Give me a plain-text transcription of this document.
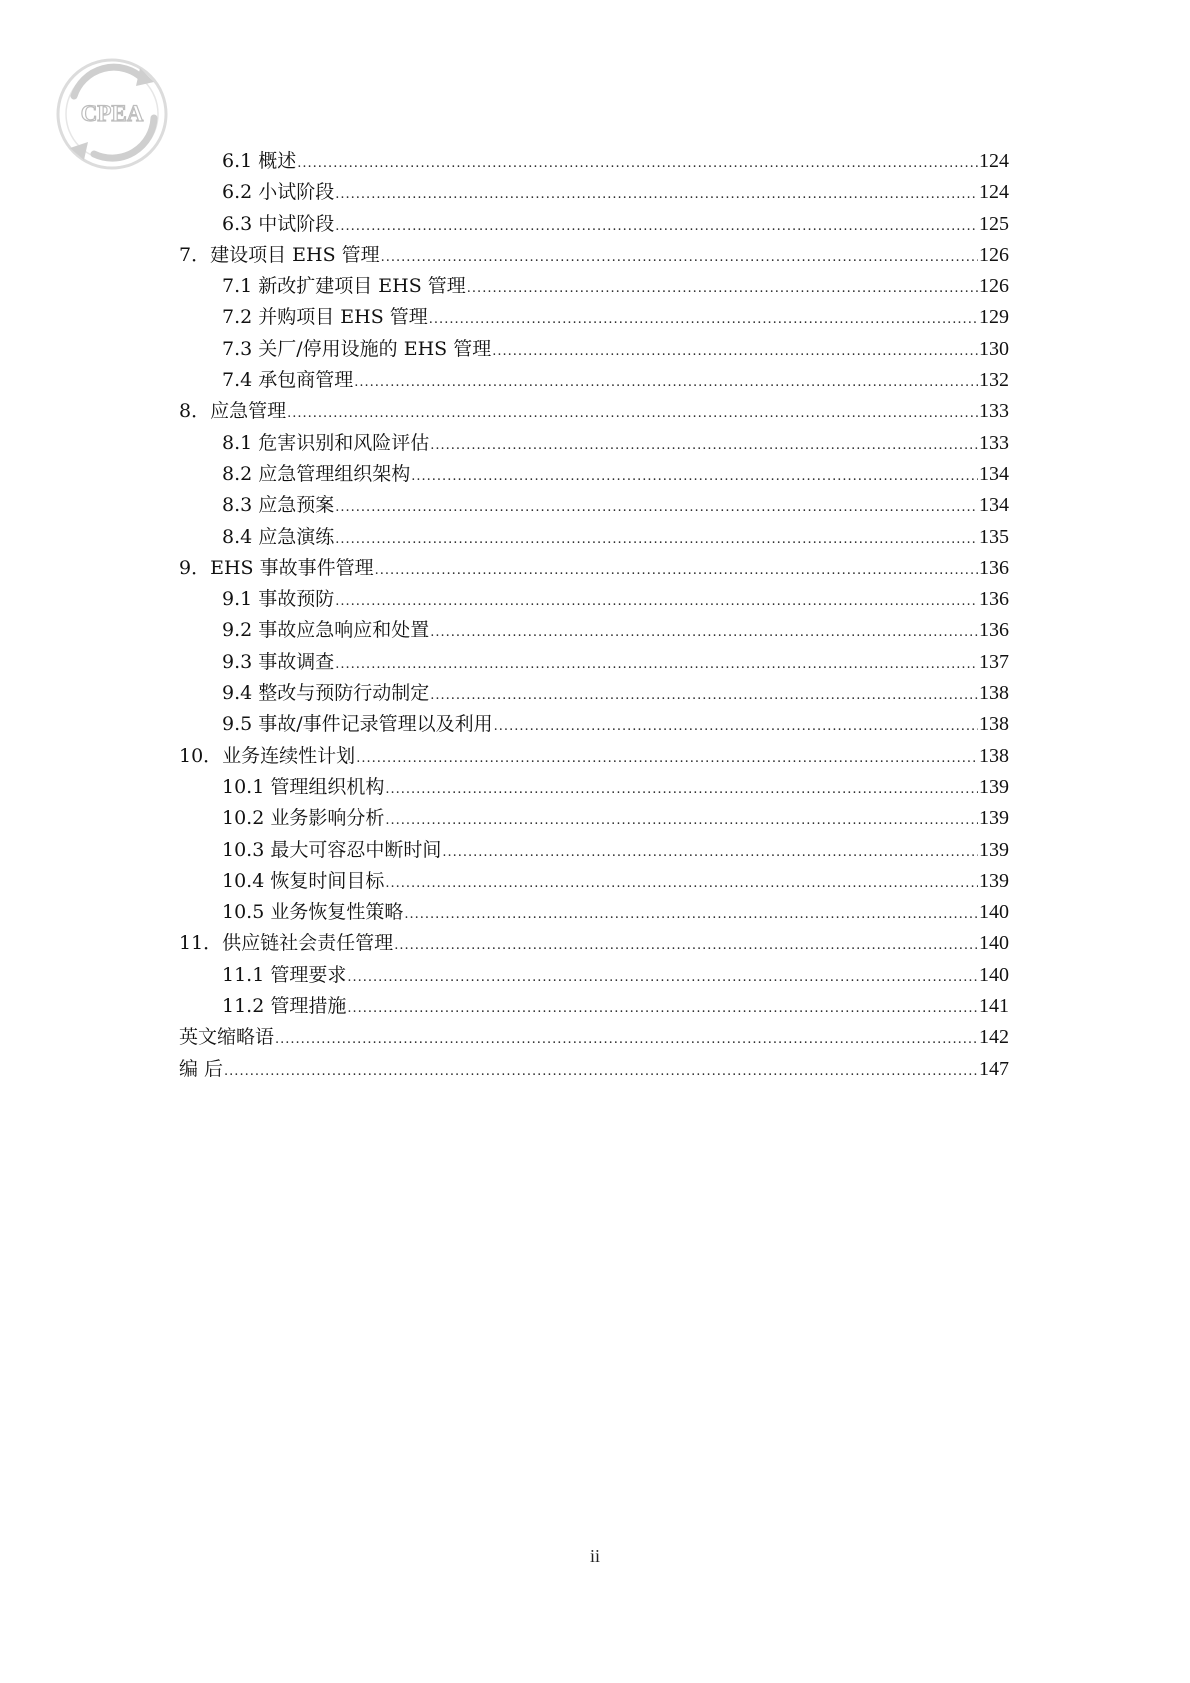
CPEA
6.1 概述 .....	124
6.2 小试阶段 .....	124
6.3 中试阶段 .....	125
7．建设项目 EHS 管理 .....	126
7.1 新改扩建项目 EHS 管理 .....	126
7.2 并购项目 EHS 管理 .....	129
7.3 关厂/停用设施的 EHS 管理 .....	130
7.4 承包商管理 .....	132
8．应急管理 .....	133
8.1 危害识别和风险评估 .....	133
8.2 应急管理组织架构 .....	134
8.3 应急预案 .....	134
8.4 应急演练 .....	135
9．EHS 事故事件管理 .....	136
9.1 事故预防 .....	136
9.2 事故应急响应和处置 .....	136
9.3 事故调查 .....	137
9.4 整改与预防行动制定 .....	138
9.5 事故/事件记录管理以及利用 .....	138
10．业务连续性计划 .....	138
10.1 管理组织机构 .....	139
10.2 业务影响分析 .....	139
10.3 最大可容忍中断时间 .....	139
10.4 恢复时间目标 .....	139
10.5 业务恢复性策略 .....	140
11．供应链社会责任管理 .....	140
11.1 管理要求 .....	140
11.2 管理措施 .....	141
英文缩略语 .....	142
编 后 .....	147
ii
